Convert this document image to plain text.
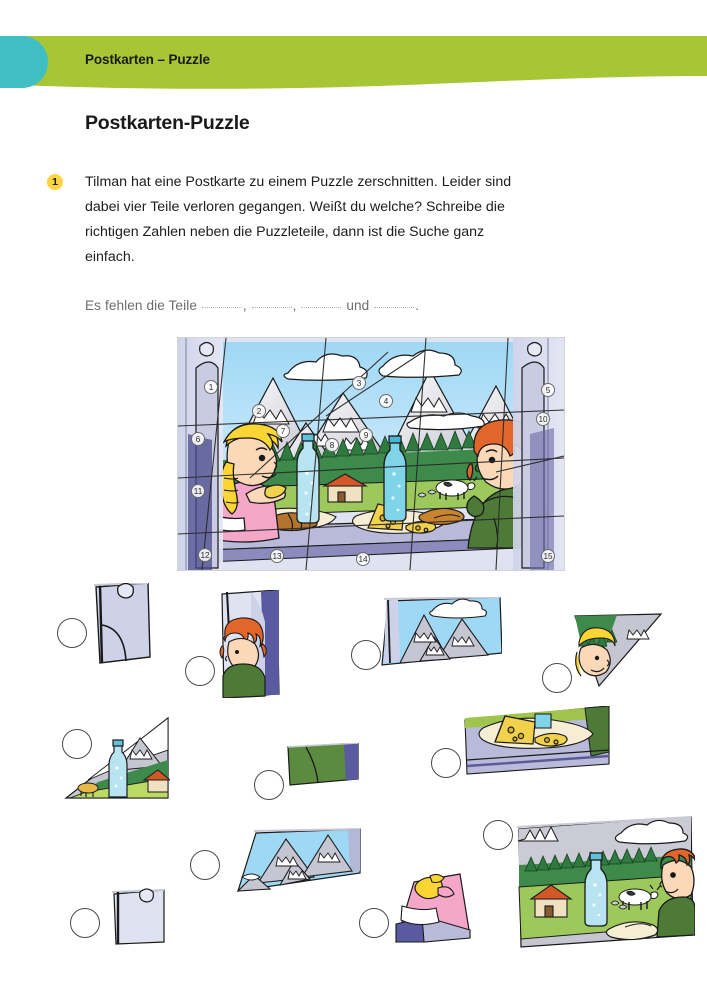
Postkarten – Puzzle
Postkarten-Puzzle
1 Tilman hat eine Postkarte zu einem Puzzle zerschnitten. Leider sind dabei vier Teile verloren gegangen. Weißt du welche? Schreibe die richtigen Zahlen neben die Puzzleteile, dann ist die Suche ganz einfach.
Es fehlen die Teile	,	,	und	.
1
2
3
4
5
6
7
8
9
10
11
12	13	14	15
